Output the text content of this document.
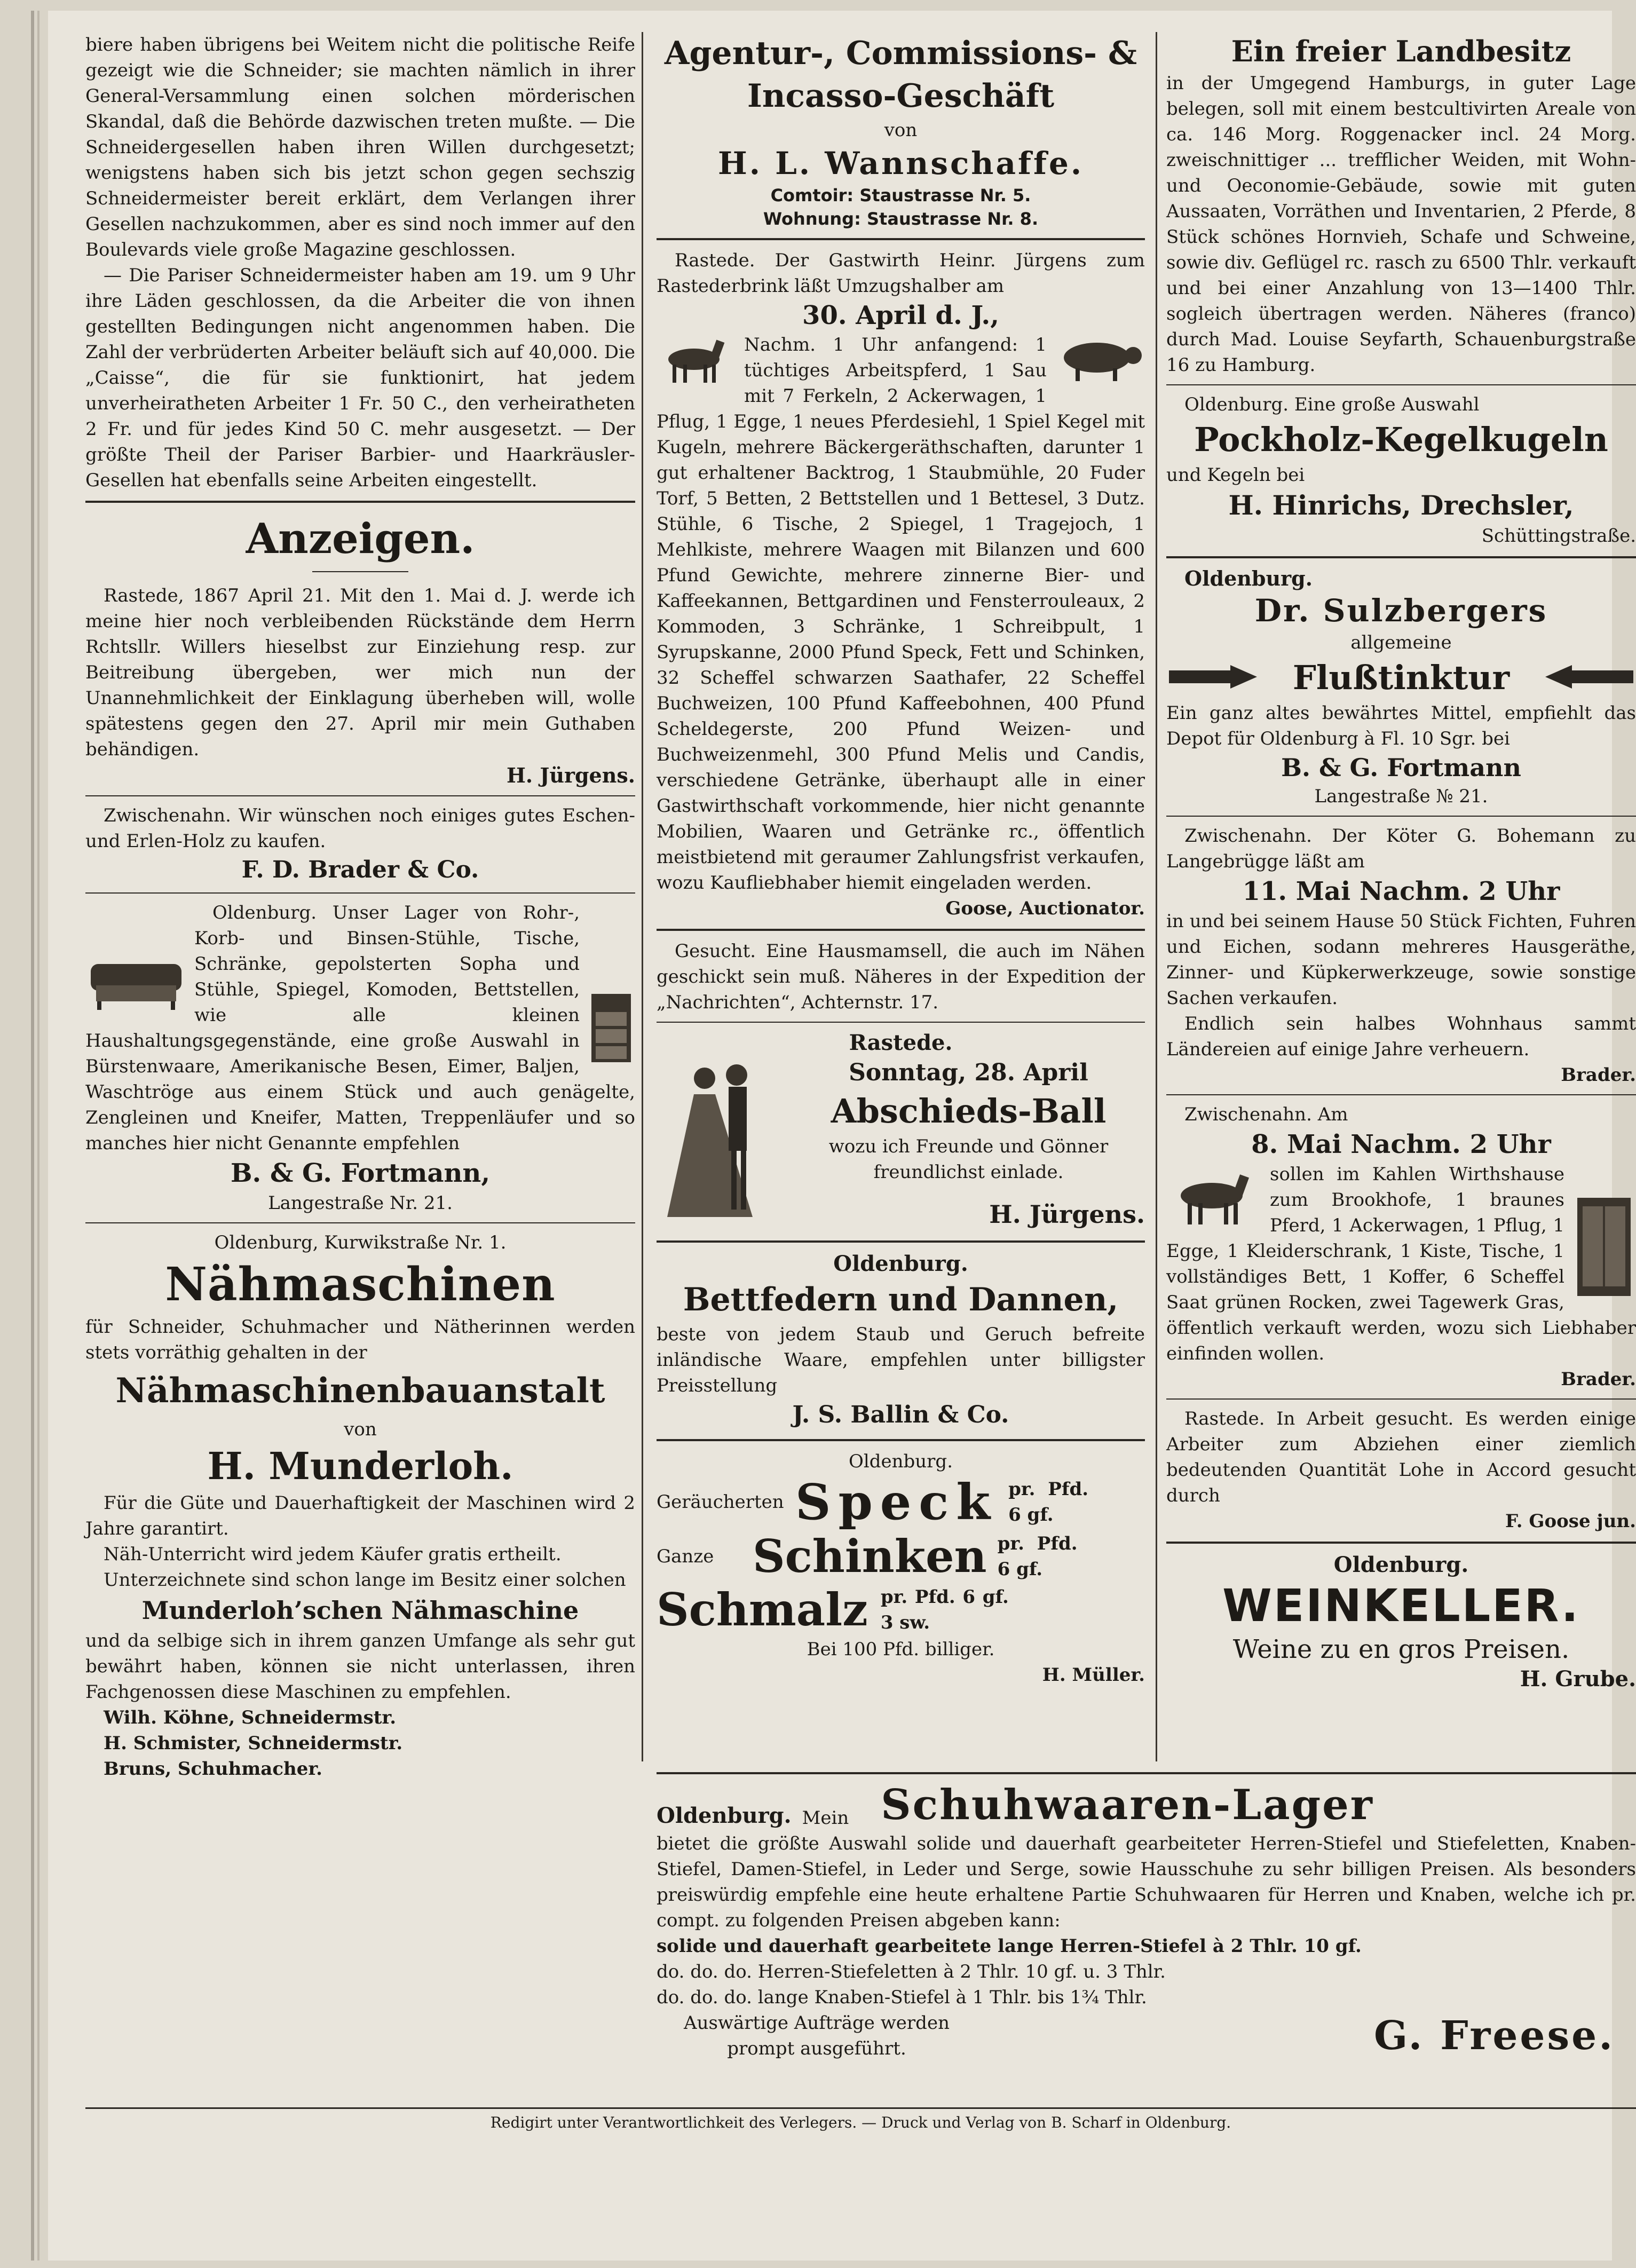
biere haben übrigens bei Weitem nicht die politische Reife gezeigt wie die Schneider; sie machten nämlich in ihrer General-Versammlung einen solchen mörderischen Skandal, daß die Behörde dazwischen treten mußte. — Die Schneidergesellen haben ihren Willen durchgesetzt; wenigstens haben sich bis jetzt schon gegen sechszig Schneidermeister bereit erklärt, dem Verlangen ihrer Gesellen nachzukommen, aber es sind noch immer auf den Boulevards viele große Magazine geschlossen.

— Die Pariser Schneidermeister haben am 19. um 9 Uhr ihre Läden geschlossen, da die Arbeiter die von ihnen gestellten Bedingungen nicht angenommen haben. Die Zahl der verbrüderten Arbeiter beläuft sich auf 40,000. Die „Caisse“, die für sie funktionirt, hat jedem unverheiratheten Arbeiter 1 Fr. 50 C., den verheiratheten 2 Fr. und für jedes Kind 50 C. mehr ausgesetzt. — Der größte Theil der Pariser Barbier- und Haarkräusler-Gesellen hat ebenfalls seine Arbeiten eingestellt.

Anzeigen.

Rastede, 1867 April 21. Mit den 1. Mai d. J. werde ich meine hier noch verbleibenden Rückstände dem Herrn Rchtsllr. Willers hieselbst zur Einziehung resp. zur Beitreibung übergeben, wer mich nun der Unannehmlichkeit der Einklagung überheben will, wolle spätestens gegen den 27. April mir mein Guthaben behändigen.

H. Jürgens.

Zwischenahn. Wir wünschen noch einiges gutes Eschen- und Erlen-Holz zu kaufen.

F. D. Brader & Co.

Oldenburg. Unser Lager von Rohr-, Korb- und Binsen-Stühle, Tische, Schränke, gepolsterten Sopha und Stühle, Spiegel, Komoden, Bettstellen, wie alle kleinen Haushaltungsgegenstände, eine große Auswahl in Bürstenwaare, Amerikanische Besen, Eimer, Baljen, Waschtröge aus einem Stück und auch genägelte, Zengleinen und Kneifer, Matten, Treppenläufer und so manches hier nicht Genannte empfehlen

B. & G. Fortmann,

Langestraße Nr. 21.

Oldenburg, Kurwikstraße Nr. 1.

Nähmaschinen

für Schneider, Schuhmacher und Nätherinnen werden stets vorräthig gehalten in der

Nähmaschinenbauanstalt

von

H. Munderloh.

Für die Güte und Dauerhaftigkeit der Maschinen wird 2 Jahre garantirt.

Näh-Unterricht wird jedem Käufer gratis ertheilt.

Unterzeichnete sind schon lange im Besitz einer solchen

Munderloh’schen Nähmaschine

und da selbige sich in ihrem ganzen Umfange als sehr gut bewährt haben, können sie nicht unterlassen, ihren Fachgenossen diese Maschinen zu empfehlen.

Wilh. Köhne, Schneidermstr.

H. Schmister, Schneidermstr.

Bruns, Schuhmacher.

Agentur-, Commissions- &
Incasso-Geschäft

von

H. L. Wannschaffe.

Comtoir: Staustrasse Nr. 5.

Wohnung: Staustrasse Nr. 8.

Rastede. Der Gastwirth Heinr. Jürgens zum Rastederbrink läßt Umzugshalber am

30. April d. J.,

Nachm. 1 Uhr anfangend: 1 tüchtiges Arbeitspferd, 1 Sau mit 7 Ferkeln, 2 Ackerwagen, 1 Pflug, 1 Egge, 1 neues Pferdesiehl, 1 Spiel Kegel mit Kugeln, mehrere Bäckergeräthschaften, darunter 1 gut erhaltener Backtrog, 1 Staubmühle, 20 Fuder Torf, 5 Betten, 2 Bettstellen und 1 Bettesel, 3 Dutz. Stühle, 6 Tische, 2 Spiegel, 1 Tragejoch, 1 Mehlkiste, mehrere Waagen mit Bilanzen und 600 Pfund Gewichte, mehrere zinnerne Bier- und Kaffeekannen, Bettgardinen und Fensterrouleaux, 2 Kommoden, 3 Schränke, 1 Schreibpult, 1 Syrupskanne, 2000 Pfund Speck, Fett und Schinken, 32 Scheffel schwarzen Saathafer, 22 Scheffel Buchweizen, 100 Pfund Kaffeebohnen, 400 Pfund Scheldegerste, 200 Pfund Weizen- und Buchweizenmehl, 300 Pfund Melis und Candis, verschiedene Getränke, überhaupt alle in einer Gastwirthschaft vorkommende, hier nicht genannte Mobilien, Waaren und Getränke rc., öffentlich meistbietend mit geraumer Zahlungsfrist verkaufen, wozu Kaufliebhaber hiemit eingeladen werden.

Goose, Auctionator.

Gesucht. Eine Hausmamsell, die auch im Nähen geschickt sein muß. Näheres in der Expedition der „Nachrichten“, Achternstr. 17.

Rastede.

Sonntag, 28. April

Abschieds-Ball

wozu ich Freunde und Gönner freundlichst einlade.

H. Jürgens.

Oldenburg.

Bettfedern und Dannen,

beste von jedem Staub und Geruch befreite inländische Waare, empfehlen unter billigster Preisstellung

J. S. Ballin & Co.

Oldenburg.

Geräucherten Speck pr. Pfd. 6 gf.
Ganze Schinken pr. Pfd. 6 gf.
Schmalz pr. Pfd. 6 gf. 3 sw.

Bei 100 Pfd. billiger.

H. Müller.

Ein freier Landbesitz

in der Umgegend Hamburgs, in guter Lage belegen, soll mit einem bestcultivirten Areale von ca. 146 Morg. Roggenacker incl. 24 Morg. zweischnittiger ... trefflicher Weiden, mit Wohn- und Oeconomie-Gebäude, sowie mit guten Aussaaten, Vorräthen und Inventarien, 2 Pferde, 8 Stück schönes Hornvieh, Schafe und Schweine, sowie div. Geflügel rc. rasch zu 6500 Thlr. verkauft und bei einer Anzahlung von 13—1400 Thlr. sogleich übertragen werden. Näheres (franco) durch Mad. Louise Seyfarth, Schauenburgstraße 16 zu Hamburg.

Oldenburg. Eine große Auswahl

Pockholz-Kegelkugeln

und Kegeln bei

H. Hinrichs, Drechsler,

Schüttingstraße.

Oldenburg.

Dr. Sulzbergers

allgemeine

Flußtinktur

Ein ganz altes bewährtes Mittel, empfiehlt das Depot für Oldenburg à Fl. 10 Sgr. bei

B. & G. Fortmann

Langestraße № 21.

Zwischenahn. Der Köter G. Bohemann zu Langebrügge läßt am

11. Mai Nachm. 2 Uhr

in und bei seinem Hause 50 Stück Fichten, Fuhren und Eichen, sodann mehreres Hausgeräthe, Zinner- und Küpkerwerkzeuge, sowie sonstige Sachen verkaufen.

Endlich sein halbes Wohnhaus sammt Ländereien auf einige Jahre verheuern.

Brader.

Zwischenahn. Am

8. Mai Nachm. 2 Uhr

sollen im Kahlen Wirthshause zum Brookhofe, 1 braunes Pferd, 1 Ackerwagen, 1 Pflug, 1 Egge, 1 Kleiderschrank, 1 Kiste, Tische, 1 vollständiges Bett, 1 Koffer, 6 Scheffel Saat grünen Rocken, zwei Tagewerk Gras, öffentlich verkauft werden, wozu sich Liebhaber einfinden wollen.

Brader.

Rastede. In Arbeit gesucht. Es werden einige Arbeiter zum Abziehen einer ziemlich bedeutenden Quantität Lohe in Accord gesucht durch

F. Goose jun.

Oldenburg.

WEINKELLER.

Weine zu en gros Preisen.

H. Grube.

Oldenburg. Mein Schuhwaaren-Lager

bietet die größte Auswahl solide und dauerhaft gearbeiteter Herren-Stiefel und Stiefeletten, Knaben-Stiefel, Damen-Stiefel, in Leder und Serge, sowie Hausschuhe zu sehr billigen Preisen. Als besonders preiswürdig empfehle eine heute erhaltene Partie Schuhwaaren für Herren und Knaben, welche ich pr. compt. zu folgenden Preisen abgeben kann:

solide und dauerhaft gearbeitete lange Herren-Stiefel à 2 Thlr. 10 gf.

do. do. do. Herren-Stiefeletten à 2 Thlr. 10 gf. u. 3 Thlr.

do. do. do. lange Knaben-Stiefel à 1 Thlr. bis 1¾ Thlr.

Auswärtige Aufträge werden prompt ausgeführt.	G. Freese.

Redigirt unter Verantwortlichkeit des Verlegers. — Druck und Verlag von B. Scharf in Oldenburg.
